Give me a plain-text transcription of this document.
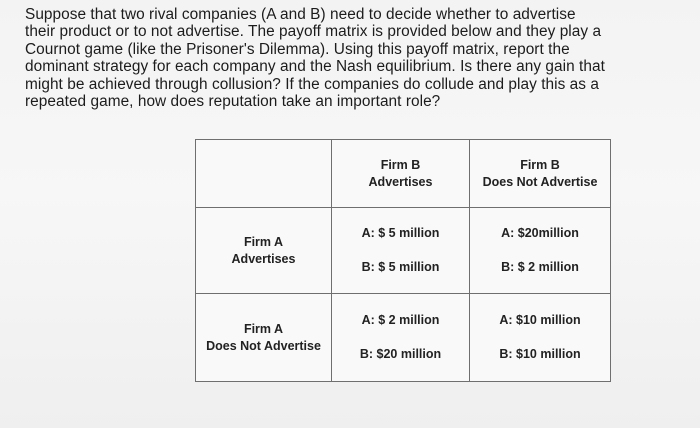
Suppose that two rival companies (A and B) need to decide whether to advertise
their product or to not advertise. The payoff matrix is provided below and they play a
Cournot game (like the Prisoner's Dilemma). Using this payoff matrix, report the
dominant strategy for each company and the Nash equilibrium. Is there any gain that
might be achieved through collusion? If the companies do collude and play this as a
repeated game, how does reputation take an important role?

	Firm B
Advertises	Firm B
Does Not Advertise

Firm A
Advertises	A: $ 5 million
B: $ 5 million	A: $20million
B: $ 2 million

Firm A
Does Not Advertise	A: $ 2 million
B: $20 million	A: $10 million
B: $10 million
